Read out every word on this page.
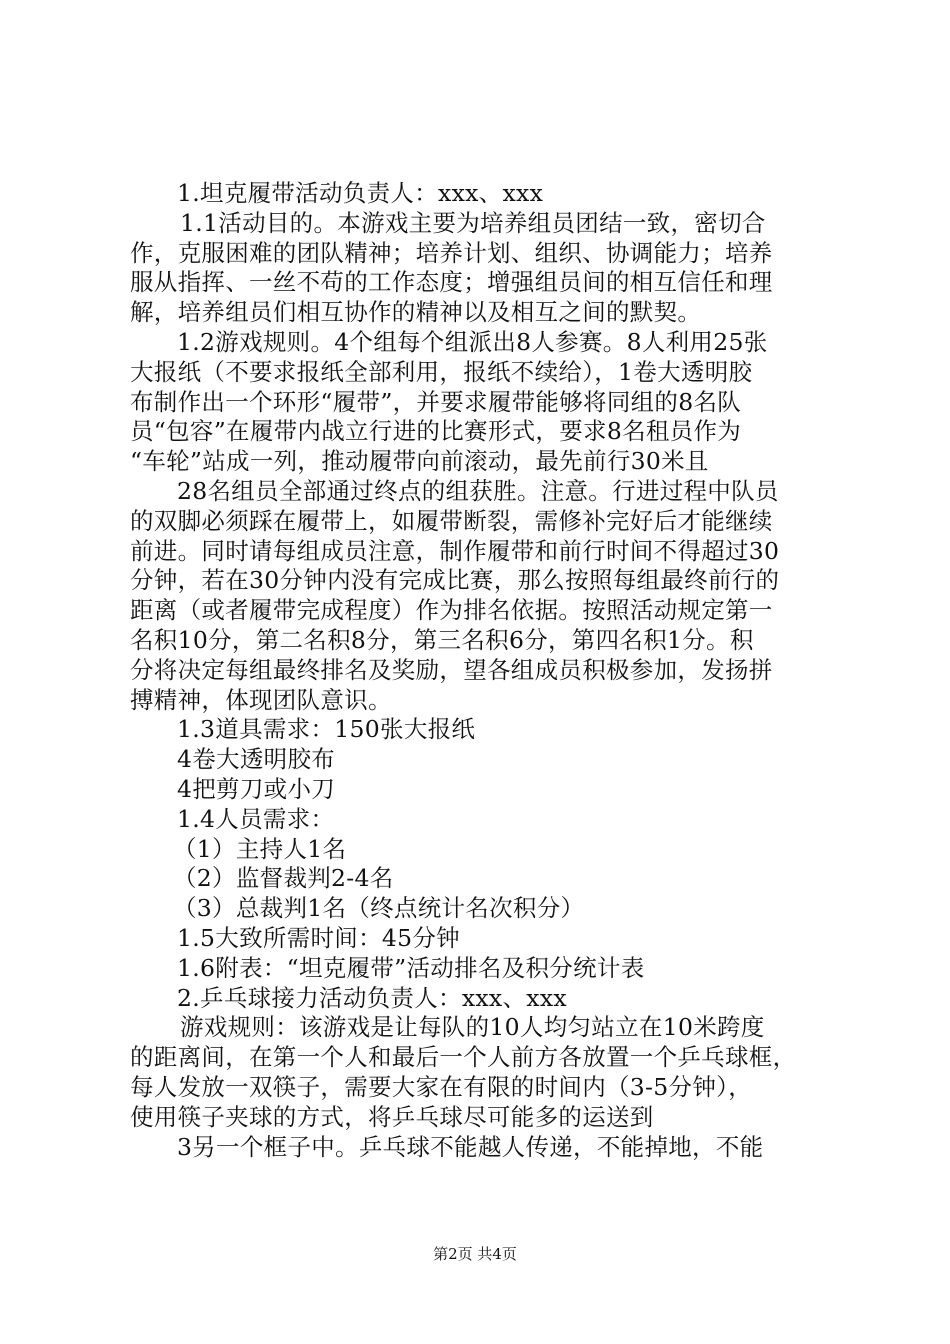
1.坦克履带活动负责人：xxx、xxx
1.1活动目的。本游戏主要为培养组员团结一致，密切合
作，克服困难的团队精神；培养计划、组织、协调能力；培养
服从指挥、一丝不苟的工作态度；增强组员间的相互信任和理
解，培养组员们相互协作的精神以及相互之间的默契。
1.2游戏规则。4个组每个组派出8人参赛。8人利用25张
大报纸（不要求报纸全部利用，报纸不续给），1卷大透明胶
布制作出一个环形“履带”，并要求履带能够将同组的8名队
员“包容”在履带内战立行进的比赛形式，要求8名租员作为
“车轮”站成一列，推动履带向前滚动，最先前行30米且
28名组员全部通过终点的组获胜。注意。行进过程中队员
的双脚必须踩在履带上，如履带断裂，需修补完好后才能继续
前进。同时请每组成员注意，制作履带和前行时间不得超过30
分钟，若在30分钟内没有完成比赛，那么按照每组最终前行的
距离（或者履带完成程度）作为排名依据。按照活动规定第一
名积10分，第二名积8分，第三名积6分，第四名积1分。积
分将决定每组最终排名及奖励，望各组成员积极参加，发扬拼
搏精神，体现团队意识。
1.3道具需求：150张大报纸
4卷大透明胶布
4把剪刀或小刀
1.4人员需求：
（1）主持人1名
（2）监督裁判2-4名
（3）总裁判1名（终点统计名次积分）
1.5大致所需时间：45分钟
1.6附表：“坦克履带”活动排名及积分统计表
2.乒乓球接力活动负责人：xxx、xxx
游戏规则：该游戏是让每队的10人均匀站立在10米跨度
的距离间，在第一个人和最后一个人前方各放置一个乒乓球框，
每人发放一双筷子，需要大家在有限的时间内（3-5分钟），
使用筷子夹球的方式，将乒乓球尽可能多的运送到
3另一个框子中。乒乓球不能越人传递，不能掉地，不能
第2页 共4页
